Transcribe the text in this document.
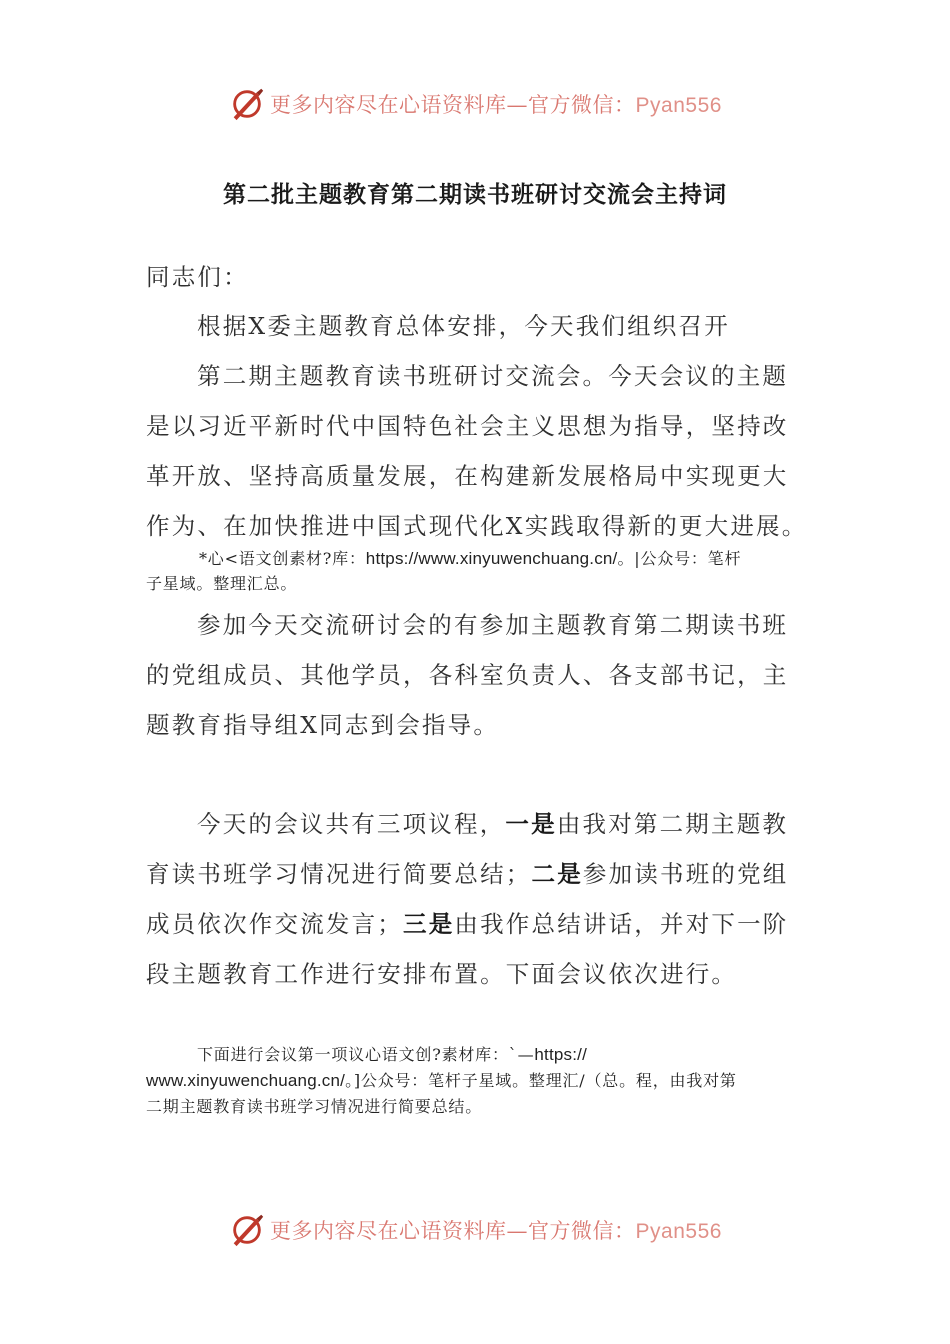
更多内容尽在心语资料库—官方微信：Pyan556
第二批主题教育第二期读书班研讨交流会主持词
同志们：
根据X委主题教育总体安排，今天我们组织召开
第二期主题教育读书班研讨交流会。今天会议的主题
是以习近平新时代中国特色社会主义思想为指导，坚持改
革开放、坚持高质量发展，在构建新发展格局中实现更大
作为、在加快推进中国式现代化X实践取得新的更大进展。
*心<语文创素材?库：https://www.xinyuwenchuang.cn/。|公众号：笔杆
子星域。整理汇总。
参加今天交流研讨会的有参加主题教育第二期读书班
的党组成员、其他学员，各科室负责人、各支部书记，主
题教育指导组X同志到会指导。
今天的会议共有三项议程，一是由我对第二期主题教
育读书班学习情况进行简要总结；二是参加读书班的党组
成员依次作交流发言；三是由我作总结讲话，并对下一阶
段主题教育工作进行安排布置。下面会议依次进行。
下面进行会议第一项议心语文创?素材库：`—https://
www.xinyuwenchuang.cn/。]公众号：笔杆子星域。整理汇/（总。程，由我对第
二期主题教育读书班学习情况进行简要总结。
更多内容尽在心语资料库—官方微信：Pyan556
